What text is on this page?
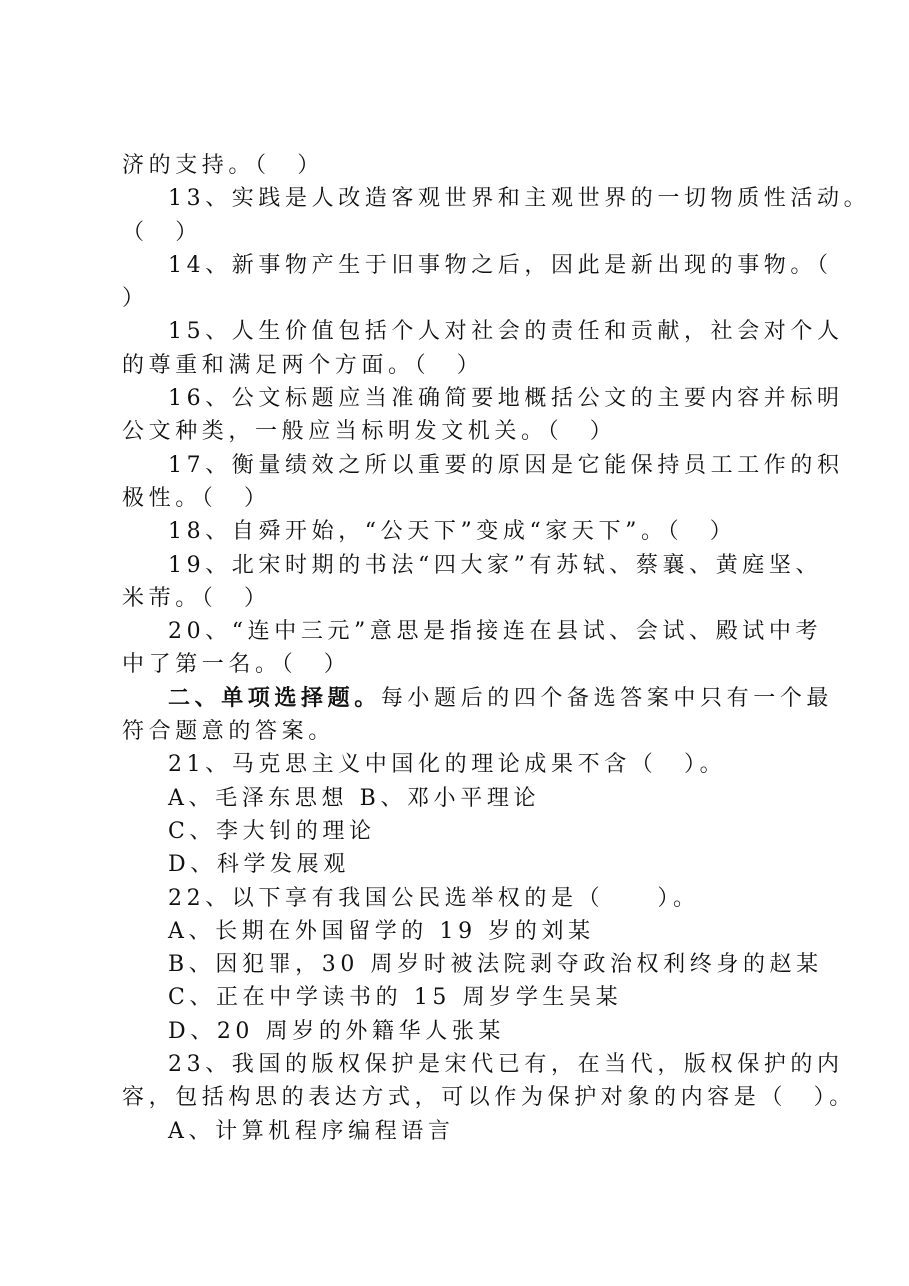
济的支持。（　）
13、实践是人改造客观世界和主观世界的一切物质性活动。
（　）
14、新事物产生于旧事物之后，因此是新出现的事物。（
）
15、人生价值包括个人对社会的责任和贡献，社会对个人
的尊重和满足两个方面。（　）
16、公文标题应当准确简要地概括公文的主要内容并标明
公文种类，一般应当标明发文机关。（　）
17、衡量绩效之所以重要的原因是它能保持员工工作的积
极性。（　）
18、自舜开始，“公天下”变成“家天下”。（　）
19、北宋时期的书法“四大家”有苏轼、蔡襄、黄庭坚、
米芾。（　）
20、“连中三元”意思是指接连在县试、会试、殿试中考
中了第一名。（　）
二、单项选择题。每小题后的四个备选答案中只有一个最
符合题意的答案。
21、马克思主义中国化的理论成果不含（　）。
A、毛泽东思想 B、邓小平理论
C、李大钊的理论
D、科学发展观
22、以下享有我国公民选举权的是（　　）。
A、长期在外国留学的 19 岁的刘某
B、因犯罪，30 周岁时被法院剥夺政治权利终身的赵某
C、正在中学读书的 15 周岁学生吴某
D、20 周岁的外籍华人张某
23、我国的版权保护是宋代已有，在当代，版权保护的内
容，包括构思的表达方式，可以作为保护对象的内容是（　）。
A、计算机程序编程语言
